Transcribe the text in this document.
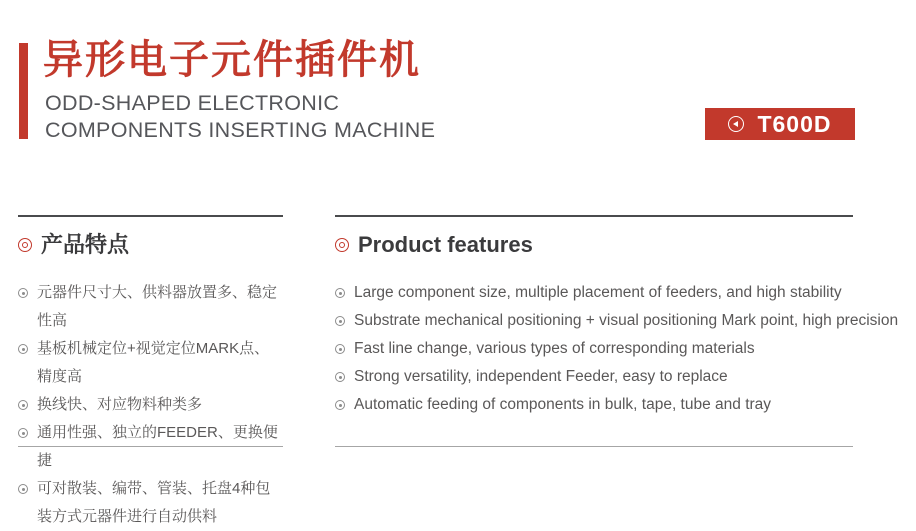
异形电子元件插件机
ODD-SHAPED ELECTRONIC
COMPONENTS INSERTING MACHINE	T600D
产品特点
元器件尺寸大、供料器放置多、稳定性高
基板机械定位+视觉定位MARK点、精度高
换线快、对应物料种类多
通用性强、独立的FEEDER、更换便捷
可对散装、编带、管装、托盘4种包装方式元器件进行自动供料
Product features
Large component size, multiple placement of feeders, and high stability
Substrate mechanical positioning + visual positioning Mark point, high precision
Fast line change, various types of corresponding materials
Strong versatility, independent Feeder, easy to replace
Automatic feeding of components in bulk, tape, tube and tray
